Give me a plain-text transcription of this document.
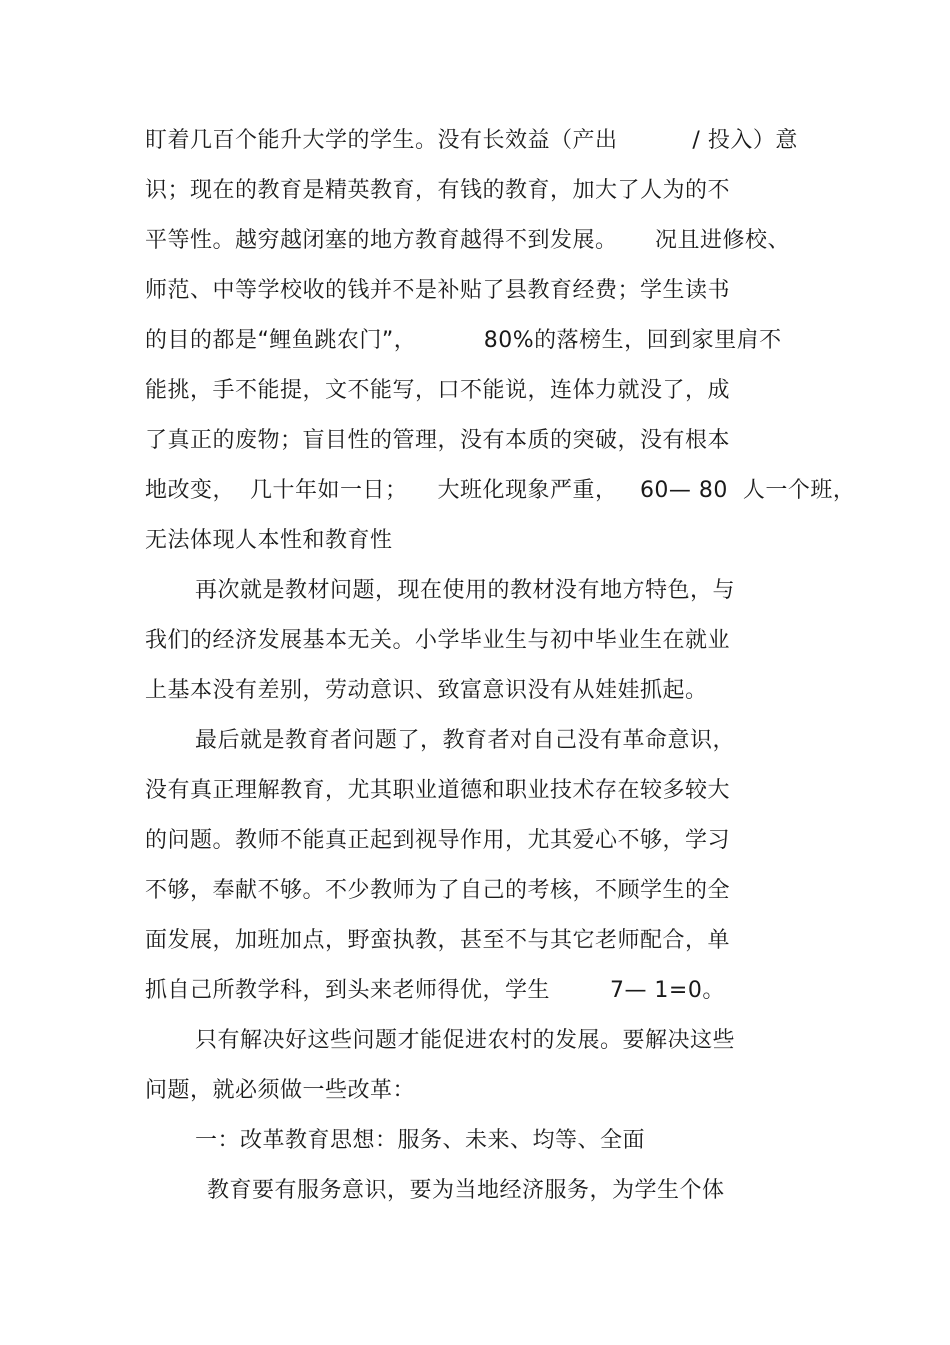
盯着几百个能升大学的学生。没有长效益（产出          / 投入）意
识；现在的教育是精英教育，有钱的教育，加大了人为的不
平等性。越穷越闭塞的地方教育越得不到发展。     况且进修校、
师范、中等学校收的钱并不是补贴了县教育经费；学生读书
的目的都是“鲤鱼跳农门”，         80%的落榜生，回到家里肩不
能挑，手不能提，文不能写，口不能说，连体力就没了，成
了真正的废物；盲目性的管理，没有本质的突破，没有根本
地改变，  几十年如一日；    大班化现象严重，   60— 80  人一个班，
无法体现人本性和教育性
再次就是教材问题，现在使用的教材没有地方特色，与
我们的经济发展基本无关。小学毕业生与初中毕业生在就业
上基本没有差别，劳动意识、致富意识没有从娃娃抓起。
最后就是教育者问题了，教育者对自己没有革命意识，
没有真正理解教育，尤其职业道德和职业技术存在较多较大
的问题。教师不能真正起到视导作用，尤其爱心不够，学习
不够，奉献不够。不少教师为了自己的考核，不顾学生的全
面发展，加班加点，野蛮执教，甚至不与其它老师配合，单
抓自己所教学科，到头来老师得优，学生        7— 1=0。
只有解决好这些问题才能促进农村的发展。要解决这些
问题，就必须做一些改革：
一：改革教育思想：服务、未来、均等、全面
教育要有服务意识，要为当地经济服务，为学生个体
